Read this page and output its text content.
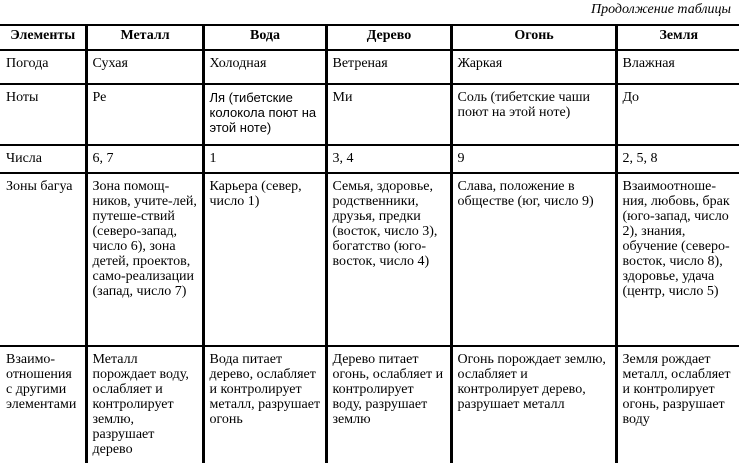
Продолжение таблицы
Элементы	Металл	Вода	Дерево	Огонь	Земля
Погода	Сухая	Холодная	Ветреная	Жаркая	Влажная
Ноты	Ре	Ля (тибетские колокола поют на этой ноте)	Ми	Соль (тибетские чаши поют на этой ноте)	До
Числа	6, 7	1	3, 4	9	2, 5, 8
Зоны багуа	Зона помощ-ников, учите-лей, путеше-ствий (северо-запад, число 6), зона детей, проектов, само-реализации (запад, число 7)	Карьера (север, число 1)	Семья, здоровье, родственники, друзья, предки (восток, число 3), богатство (юго-восток, число 4)	Слава, положение в обществе (юг, число 9)	Взаимоотноше-ния, любовь, брак (юго-запад, число 2), знания, обучение (северо-восток, число 8), здоровье, удача (центр, число 5)
Взаимо-отношения с другими элементами	Металл порождает воду, ослабляет и контролирует землю, разрушает дерево	Вода питает дерево, ослабляет и контролирует металл, разрушает огонь	Дерево питает огонь, ослабляет и контролирует воду, разрушает землю	Огонь порождает землю, ослабляет и контролирует дерево, разрушает металл	Земля рождает металл, ослабляет и контролирует огонь, разрушает воду
